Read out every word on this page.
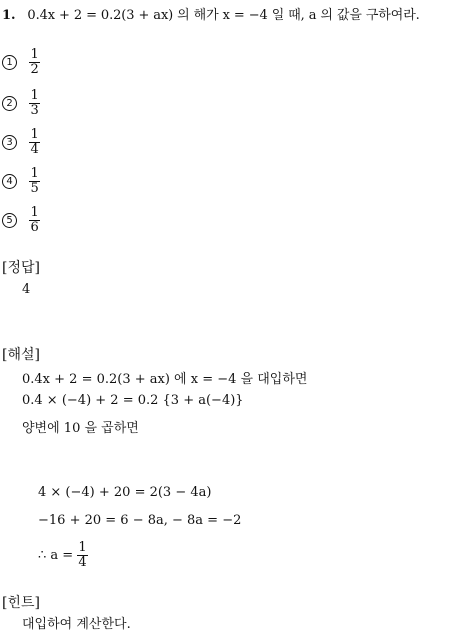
1. 0.4x + 2 = 0.2(3 + ax) 의 해가 x = −4 일 때, a 의 값을 구하여라.
$1 \frac{1}{2}$
$2 \frac{1}{3}$
$3 \frac{1}{4}$
$4 \frac{1}{5}$
$5 \frac{1}{6}$
[정답]
4
[해설]
0.4x + 2 = 0.2(3 + ax) 에 x = −4 을 대입하면
0.4 × (−4) + 2 = 0.2 {3 + a(−4)}
양변에 10 을 곱하면
4 × (−4) + 20 = 2(3 − 4a)
−16 + 20 = 6 − 8a, − 8a = −2
∴ $a = \frac{1}{4}$
[힌트]
대입하여 계산한다.
